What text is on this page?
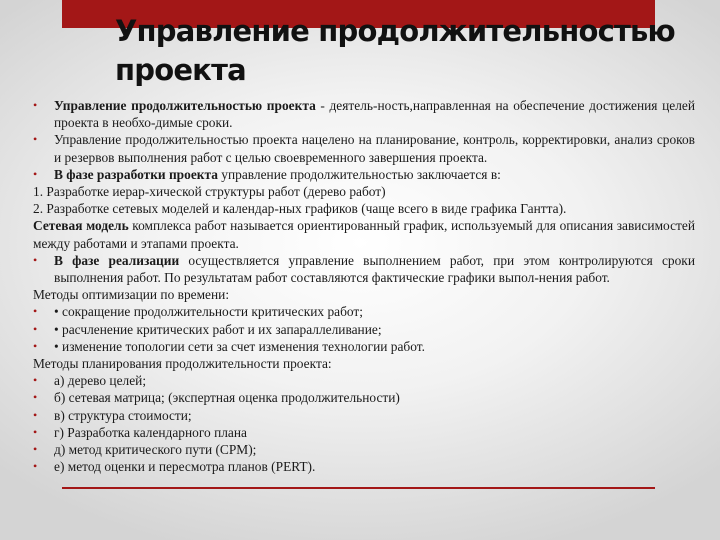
Управление продолжительностью проекта

• Управление продолжительностью проекта - деятель-ность,направленная на обеспечение достижения целей проекта в необхо-димые сроки.

• Управление продолжительностью проекта нацелено на планирование, контроль, корректировки, анализ сроков и резервов выполнения работ с целью своевременного завершения проекта.

• В фазе разработки проекта управление продолжительностью заключается в:

1. Разработке иерар-хической структуры работ (дерево работ)

2. Разработке сетевых моделей и календар-ных графиков (чаще всего в виде графика Гантта).

Сетевая модель комплекса работ называется ориентированный график, используемый для описания зависимостей между работами и этапами проекта.

• В фазе реализации осуществляется управление выполнением работ, при этом контролируются сроки выполнения работ. По результатам работ составляются фактические графики выпол-нения работ.

Методы оптимизации по времени:

• • сокращение продолжительности критических работ;

• • расчленение критических работ и их запараллеливание;

• • изменение топологии сети за счет изменения технологии работ.

Методы планирования продолжительности проекта:

• а) дерево целей;

• б) сетевая матрица; (экспертная оценка продолжительности)

• в) структура стоимости;

• г) Разработка календарного плана

• д) метод критического пути (СРМ);

• е) метод оценки и пересмотра планов (PERT).
